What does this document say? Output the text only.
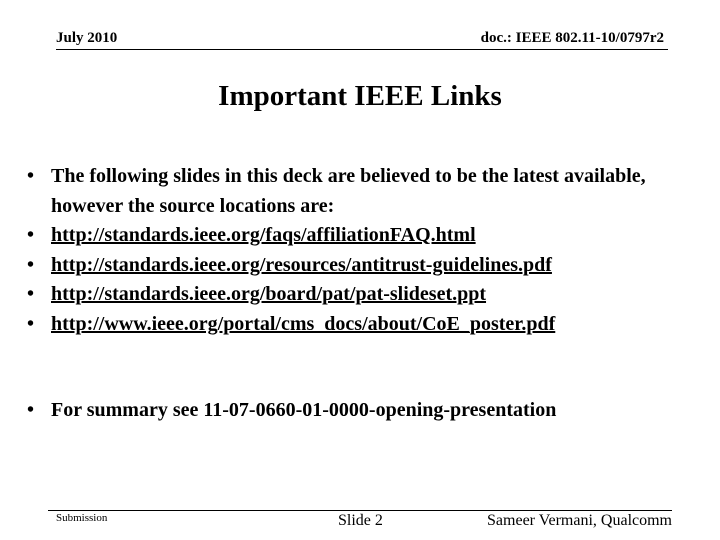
July 2010	doc.: IEEE 802.11-10/0797r2
Important IEEE Links
• The following slides in this deck are believed to be the latest available, however the source locations are:
• http://standards.ieee.org/faqs/affiliationFAQ.html
• http://standards.ieee.org/resources/antitrust-guidelines.pdf
• http://standards.ieee.org/board/pat/pat-slideset.ppt
• http://www.ieee.org/portal/cms_docs/about/CoE_poster.pdf
• For summary see 11-07-0660-01-0000-opening-presentation
Submission	Slide 2	Sameer Vermani, Qualcomm
